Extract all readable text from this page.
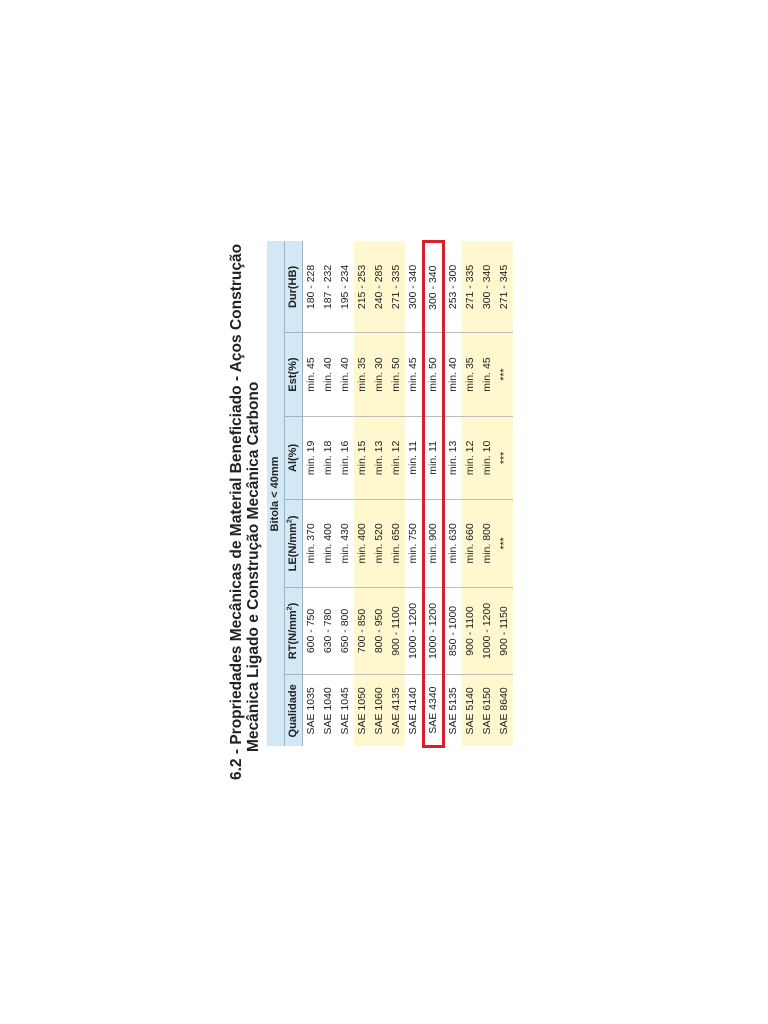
6.2 - Propriedades Mecânicas de Material Beneficiado - Aços Construção Mecânica Ligado e Construção Mecânica Carbono Bitola < 40mm					
Qualidade	$RT(N/mm^2)$	$LE(N/mm^2)$	Al(%)	Est(%)	Dur(HB)
SAE 1035	600 - 750	min. 370	min. 19	min. 45	180 - 228
SAE 1040	630 - 780	min. 400	min. 18	min. 40	187 - 232
SAE 1045	650 - 800	min. 430	min. 16	min. 40	195 - 234
SAE 1050	700 - 850	min. 400	min. 15	min. 35	215 - 253
SAE 1060	800 - 950	min. 520	min. 13	min. 30	240 - 285
SAE 4135	900 - 1100	min. 650	min. 12	min. 50	271 - 335
SAE 4140	1000 - 1200	min. 750	min. 11	min. 45	300 - 340
SAE 4340	1000 - 1200	min. 900	min. 11	min. 50	300 - 340
SAE 5135	850 - 1000	min. 630	min. 13	min. 40	253 - 300
SAE 5140	900 - 1100	min. 660	min. 12	min. 35	271 - 335
SAE 6150	1000 - 1200	min. 800	min. 10	min. 45	300 - 340
SAE 8640	900 - 1150	***	***	***	271 - 345
